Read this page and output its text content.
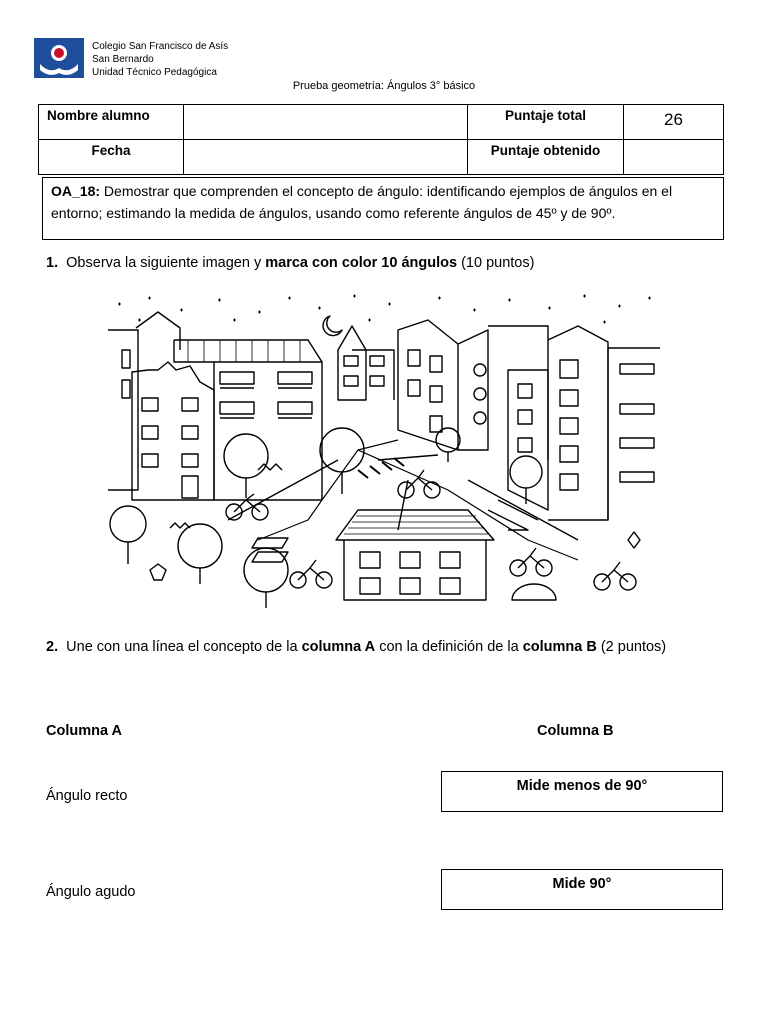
Colegio San Francisco de Asís
San Bernardo
Unidad Técnico Pedagógica
Prueba geometría: Ángulos 3° básico
Nombre alumno		Puntaje total	26
Fecha		Puntaje obtenido	
OA_18: Demostrar que comprenden el concepto de ángulo: identificando ejemplos de ángulos en el entorno; estimando la medida de ángulos, usando como referente ángulos de 45º y de 90º.
1. Observa la siguiente imagen y marca con color 10 ángulos (10 puntos)
2. Une con una línea el concepto de la columna A con la definición de la columna B (2 puntos)
Columna A	Columna B
Ángulo recto
Ángulo agudo
Mide menos de 90°
Mide 90°
